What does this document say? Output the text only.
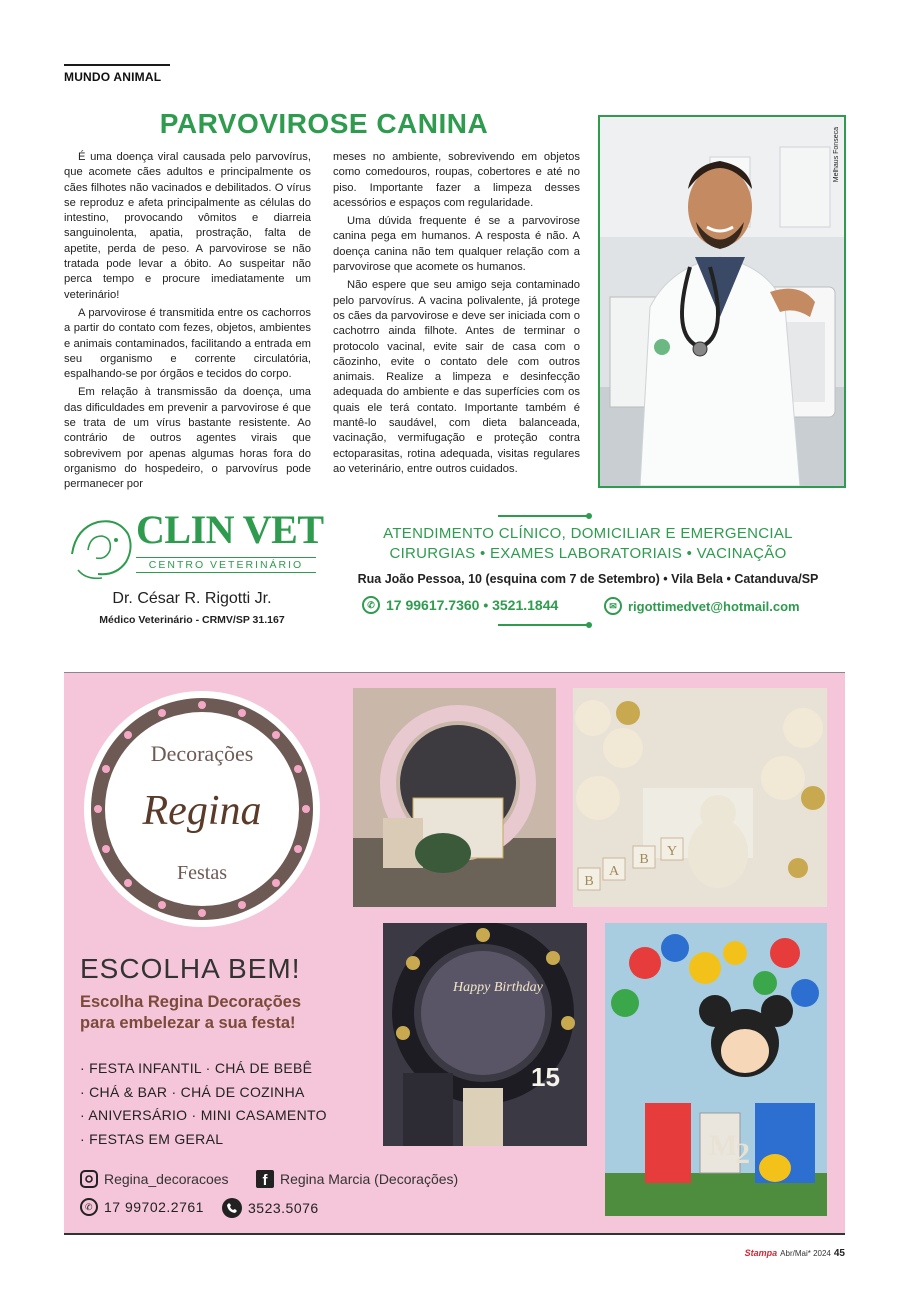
MUNDO ANIMAL
PARVOVIROSE CANINA

É uma doença viral causada pelo parvovírus, que acomete cães adultos e principalmente os cães filhotes não vacinados e debilitados. O vírus se reproduz e afeta principalmente as células do intestino, provocando vômitos e diarreia sanguinolenta, apatia, prostração, falta de apetite, perda de peso. A parvovirose se não tratada pode levar a óbito. Ao suspeitar não perca tempo e procure imediatamente um veterinário!

A parvovirose é transmitida entre os cachorros a partir do contato com fezes, objetos, ambientes e animais contaminados, facilitando a entrada em seu organismo e corrente circulatória, espalhando-se por órgãos e tecidos do corpo.

Em relação à transmissão da doença, uma das dificuldades em prevenir a parvovirose é que se trata de um vírus bastante resistente. Ao contrário de outros agentes virais que sobrevivem por apenas algumas horas fora do organismo do hospedeiro, o parvovírus pode permanecer por

meses no ambiente, sobrevivendo em objetos como comedouros, roupas, cobertores e até no piso. Importante fazer a limpeza desses acessórios e espaços com regularidade.

Uma dúvida frequente é se a parvovirose canina pega em humanos. A resposta é não. A doença canina não tem qualquer relação com a parvovirose que acomete os humanos.

Não espere que seu amigo seja contaminado pelo parvovírus. A vacina polivalente, já protege os cães da parvovirose e deve ser iniciada com o cachotrro ainda filhote. Antes de terminar o protocolo vacinal, evite sair de casa com o cãozinho, evite o contato dele com outros animais. Realize a limpeza e desinfecção adequada do ambiente e das superfícies com os quais ele terá contato. Importante também é mantê-lo saudável, com dieta balanceada, vacinação, vermifugação e proteção contra ectoparasitas, rotina adequada, visitas regulares ao veterinário, entre outros cuidados.

Melhaus Fonseca
CLIN VET
CENTRO VETERINÁRIO
Dr. César R. Rigotti Jr.
Médico Veterinário - CRMV/SP 31.167
ATENDIMENTO CLÍNICO, DOMICILIAR E EMERGENCIAL
CIRURGIAS • EXAMES LABORATORIAIS • VACINAÇÃO
Rua João Pessoa, 10 (esquina com 7 de Setembro) • Vila Bela • Catanduva/SP
✆ 17 99617.7360 • 3521.1844	✉ rigottimedvet@hotmail.com
Decorações
Regina
Festas
ESCOLHA BEM!
Escolha Regina Decorações
para embelezar a sua festa!
· FESTA INFANTIL · CHÁ DE BEBÊ
· CHÁ & BAR · CHÁ DE COZINHA
· ANIVERSÁRIO · MINI CASAMENTO
· FESTAS EM GERAL
Regina_decoracoes	f Regina Marcia (Decorações)
✆ 17 99702.2761	3523.5076
B
A
B
Y
Happy Birthday
15
M
2
Stampa Abr/Mai* 2024 45
